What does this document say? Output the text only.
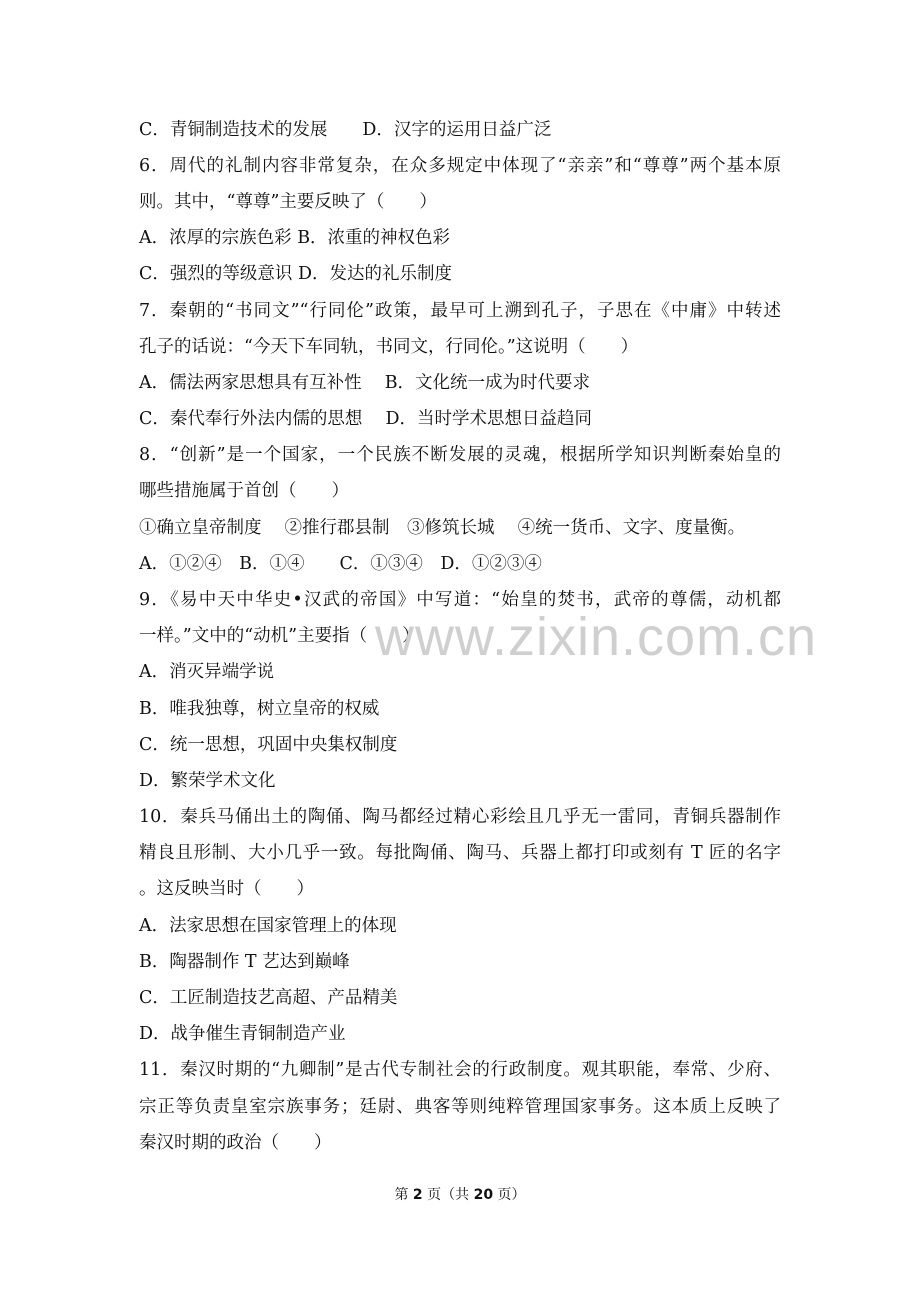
C．青铜制造技术的发展　　D．汉字的运用日益广泛

6．周代的礼制内容非常复杂，在众多规定中体现了“亲亲”和“尊尊”两个基本原

则。其中，“尊尊”主要反映了（　　）

A．浓厚的宗族色彩 B．浓重的神权色彩

C．强烈的等级意识 D．发达的礼乐制度

7．秦朝的“书同文”“行同伦”政策，最早可上溯到孔子，子思在《中庸》中转述

孔子的话说：“今天下车同轨，书同文，行同伦。”这说明（　　）

A．儒法两家思想具有互补性　 B．文化统一成为时代要求

C．秦代奉行外法内儒的思想　 D．当时学术思想日益趋同

8．“创新”是一个国家，一个民族不断发展的灵魂，根据所学知识判断秦始皇的

哪些措施属于首创（　　）

①确立皇帝制度　 ②推行郡县制　③修筑长城　 ④统一货币、文字、度量衡。

A．①②④　B．①④　　C．①③④　D．①②③④

9．《易中天中华史•汉武的帝国》中写道：“始皇的焚书，武帝的尊儒，动机都

一样。”文中的“动机”主要指（　　）

A．消灭异端学说

B．唯我独尊，树立皇帝的权威

C．统一思想，巩固中央集权制度

D．繁荣学术文化

10．秦兵马俑出土的陶俑、陶马都经过精心彩绘且几乎无一雷同，青铜兵器制作

精良且形制、大小几乎一致。每批陶俑、陶马、兵器上都打印或刻有 T 匠的名字

。这反映当时（　　）

A．法家思想在国家管理上的体现

B．陶器制作 T 艺达到巅峰

C．工匠制造技艺高超、产品精美

D．战争催生青铜制造产业

11．秦汉时期的“九卿制”是古代专制社会的行政制度。观其职能，奉常、少府、

宗正等负责皇室宗族事务；廷尉、典客等则纯粹管理国家事务。这本质上反映了

秦汉时期的政治（　　）

www.zixin.com.cn
第 2 页（共 20 页）
